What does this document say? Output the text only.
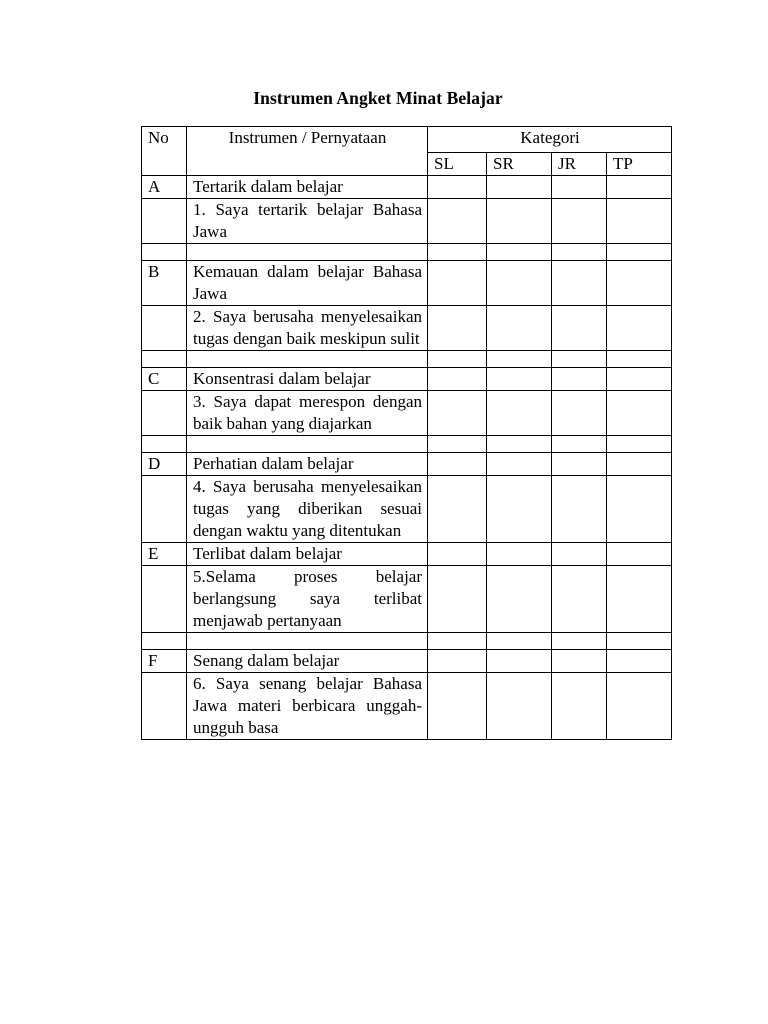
Instrumen Angket Minat Belajar
No	Instrumen / Pernyataan	Kategori			
		SL	SR	JR	TP
A	Tertarik dalam belajar				
	1. Saya tertarik belajar Bahasa Jawa				

B	Kemauan dalam belajar Bahasa Jawa				
	2. Saya berusaha menyelesaikan tugas dengan baik meskipun sulit				

C	Konsentrasi dalam belajar				
	3. Saya dapat merespon dengan baik bahan yang diajarkan				

D	Perhatian dalam belajar				
	4. Saya berusaha menyelesaikan tugas yang diberikan sesuai dengan waktu yang ditentukan				
E	Terlibat dalam belajar				
	5.Selama proses belajar berlangsung saya terlibat menjawab pertanyaan				

F	Senang dalam belajar				
	6. Saya senang belajar Bahasa Jawa materi berbicara unggah-ungguh basa				
